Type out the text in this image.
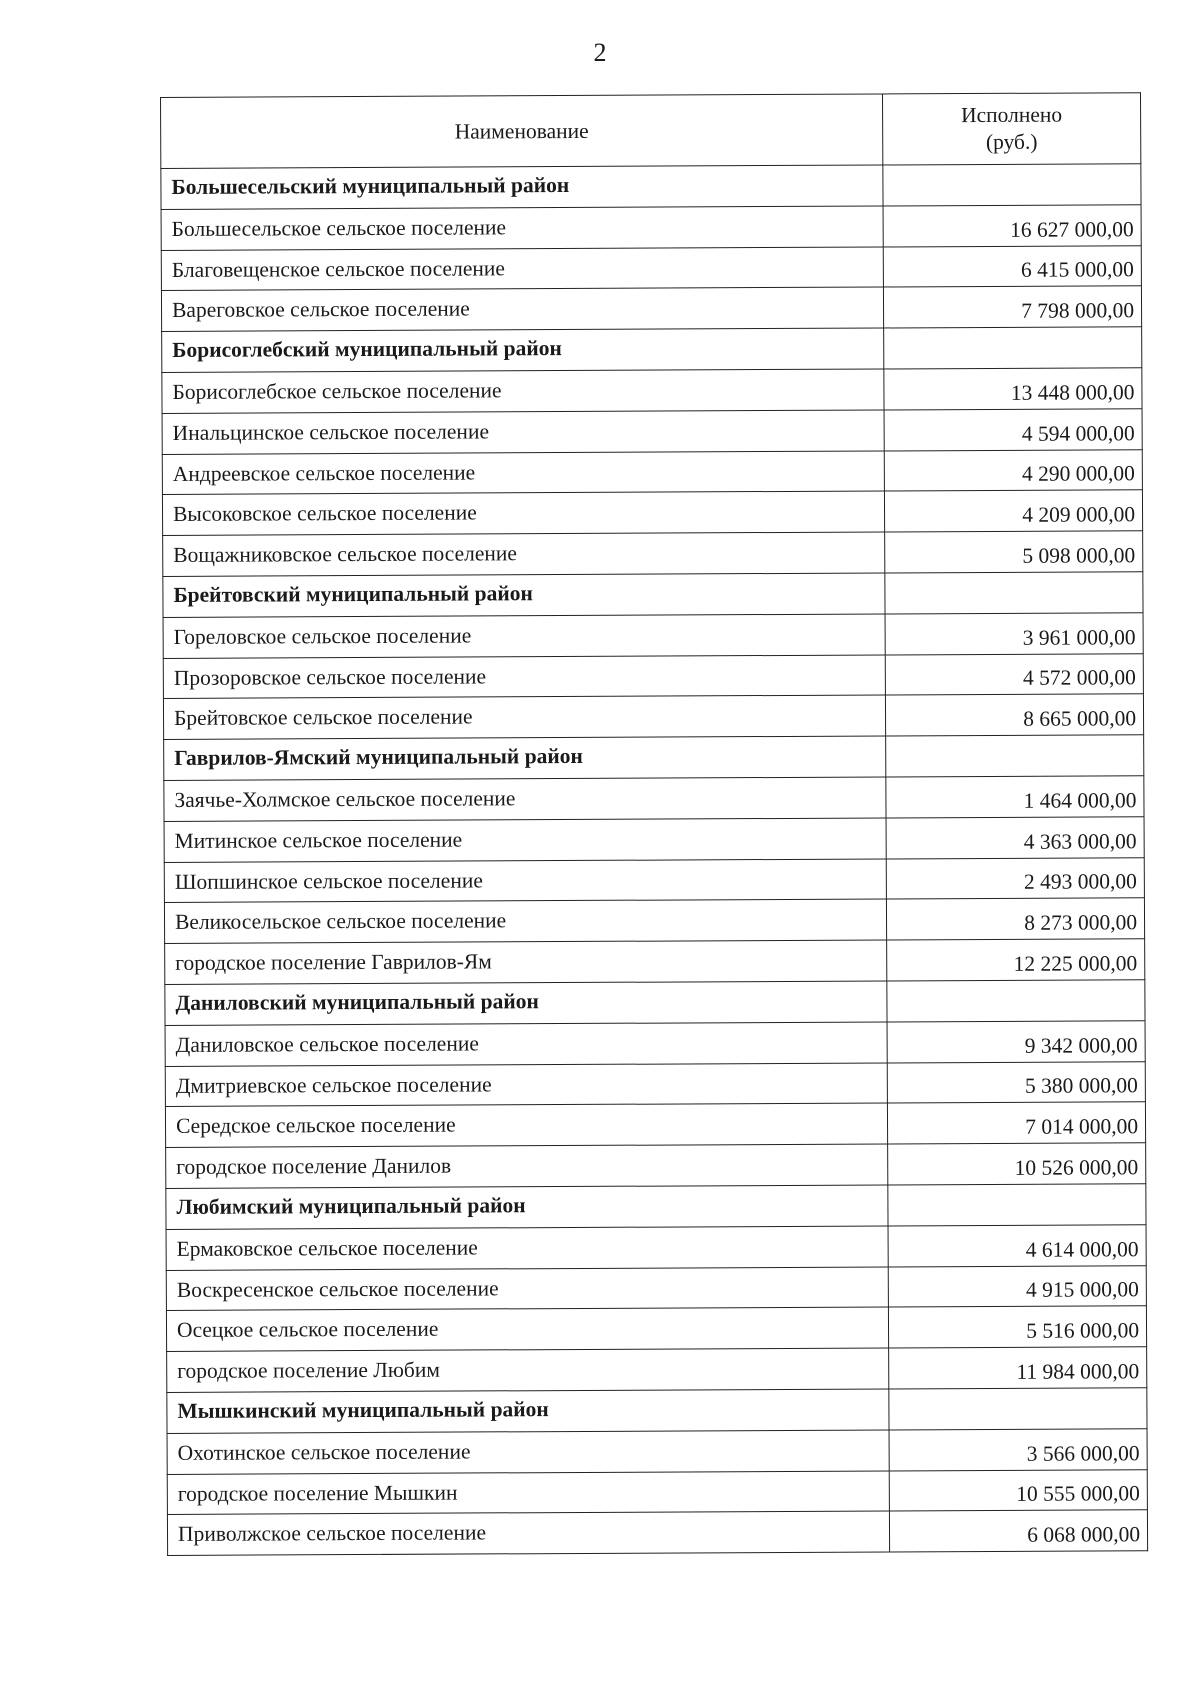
2
Наименование	Исполнено
(руб.)

Большесельский муниципальный район	
Большесельское сельское поселение	16 627 000,00
Благовещенское сельское поселение	6 415 000,00
Вареговское сельское поселение	7 798 000,00
Борисоглебский муниципальный район	
Борисоглебское сельское поселение	13 448 000,00
Инальцинское сельское поселение	4 594 000,00
Андреевское сельское поселение	4 290 000,00
Высоковское сельское поселение	4 209 000,00
Вощажниковское сельское поселение	5 098 000,00
Брейтовский муниципальный район	
Гореловское сельское поселение	3 961 000,00
Прозоровское сельское поселение	4 572 000,00
Брейтовское сельское поселение	8 665 000,00
Гаврилов-Ямский муниципальный район	
Заячье-Холмское сельское поселение	1 464 000,00
Митинское сельское поселение	4 363 000,00
Шопшинское сельское поселение	2 493 000,00
Великосельское сельское поселение	8 273 000,00
городское поселение Гаврилов-Ям	12 225 000,00
Даниловский муниципальный район	
Даниловское сельское поселение	9 342 000,00
Дмитриевское сельское поселение	5 380 000,00
Середское сельское поселение	7 014 000,00
городское поселение Данилов	10 526 000,00
Любимский муниципальный район	
Ермаковское сельское поселение	4 614 000,00
Воскресенское сельское поселение	4 915 000,00
Осецкое сельское поселение	5 516 000,00
городское поселение Любим	11 984 000,00
Мышкинский муниципальный район	
Охотинское сельское поселение	3 566 000,00
городское поселение Мышкин	10 555 000,00
Приволжское сельское поселение	6 068 000,00
